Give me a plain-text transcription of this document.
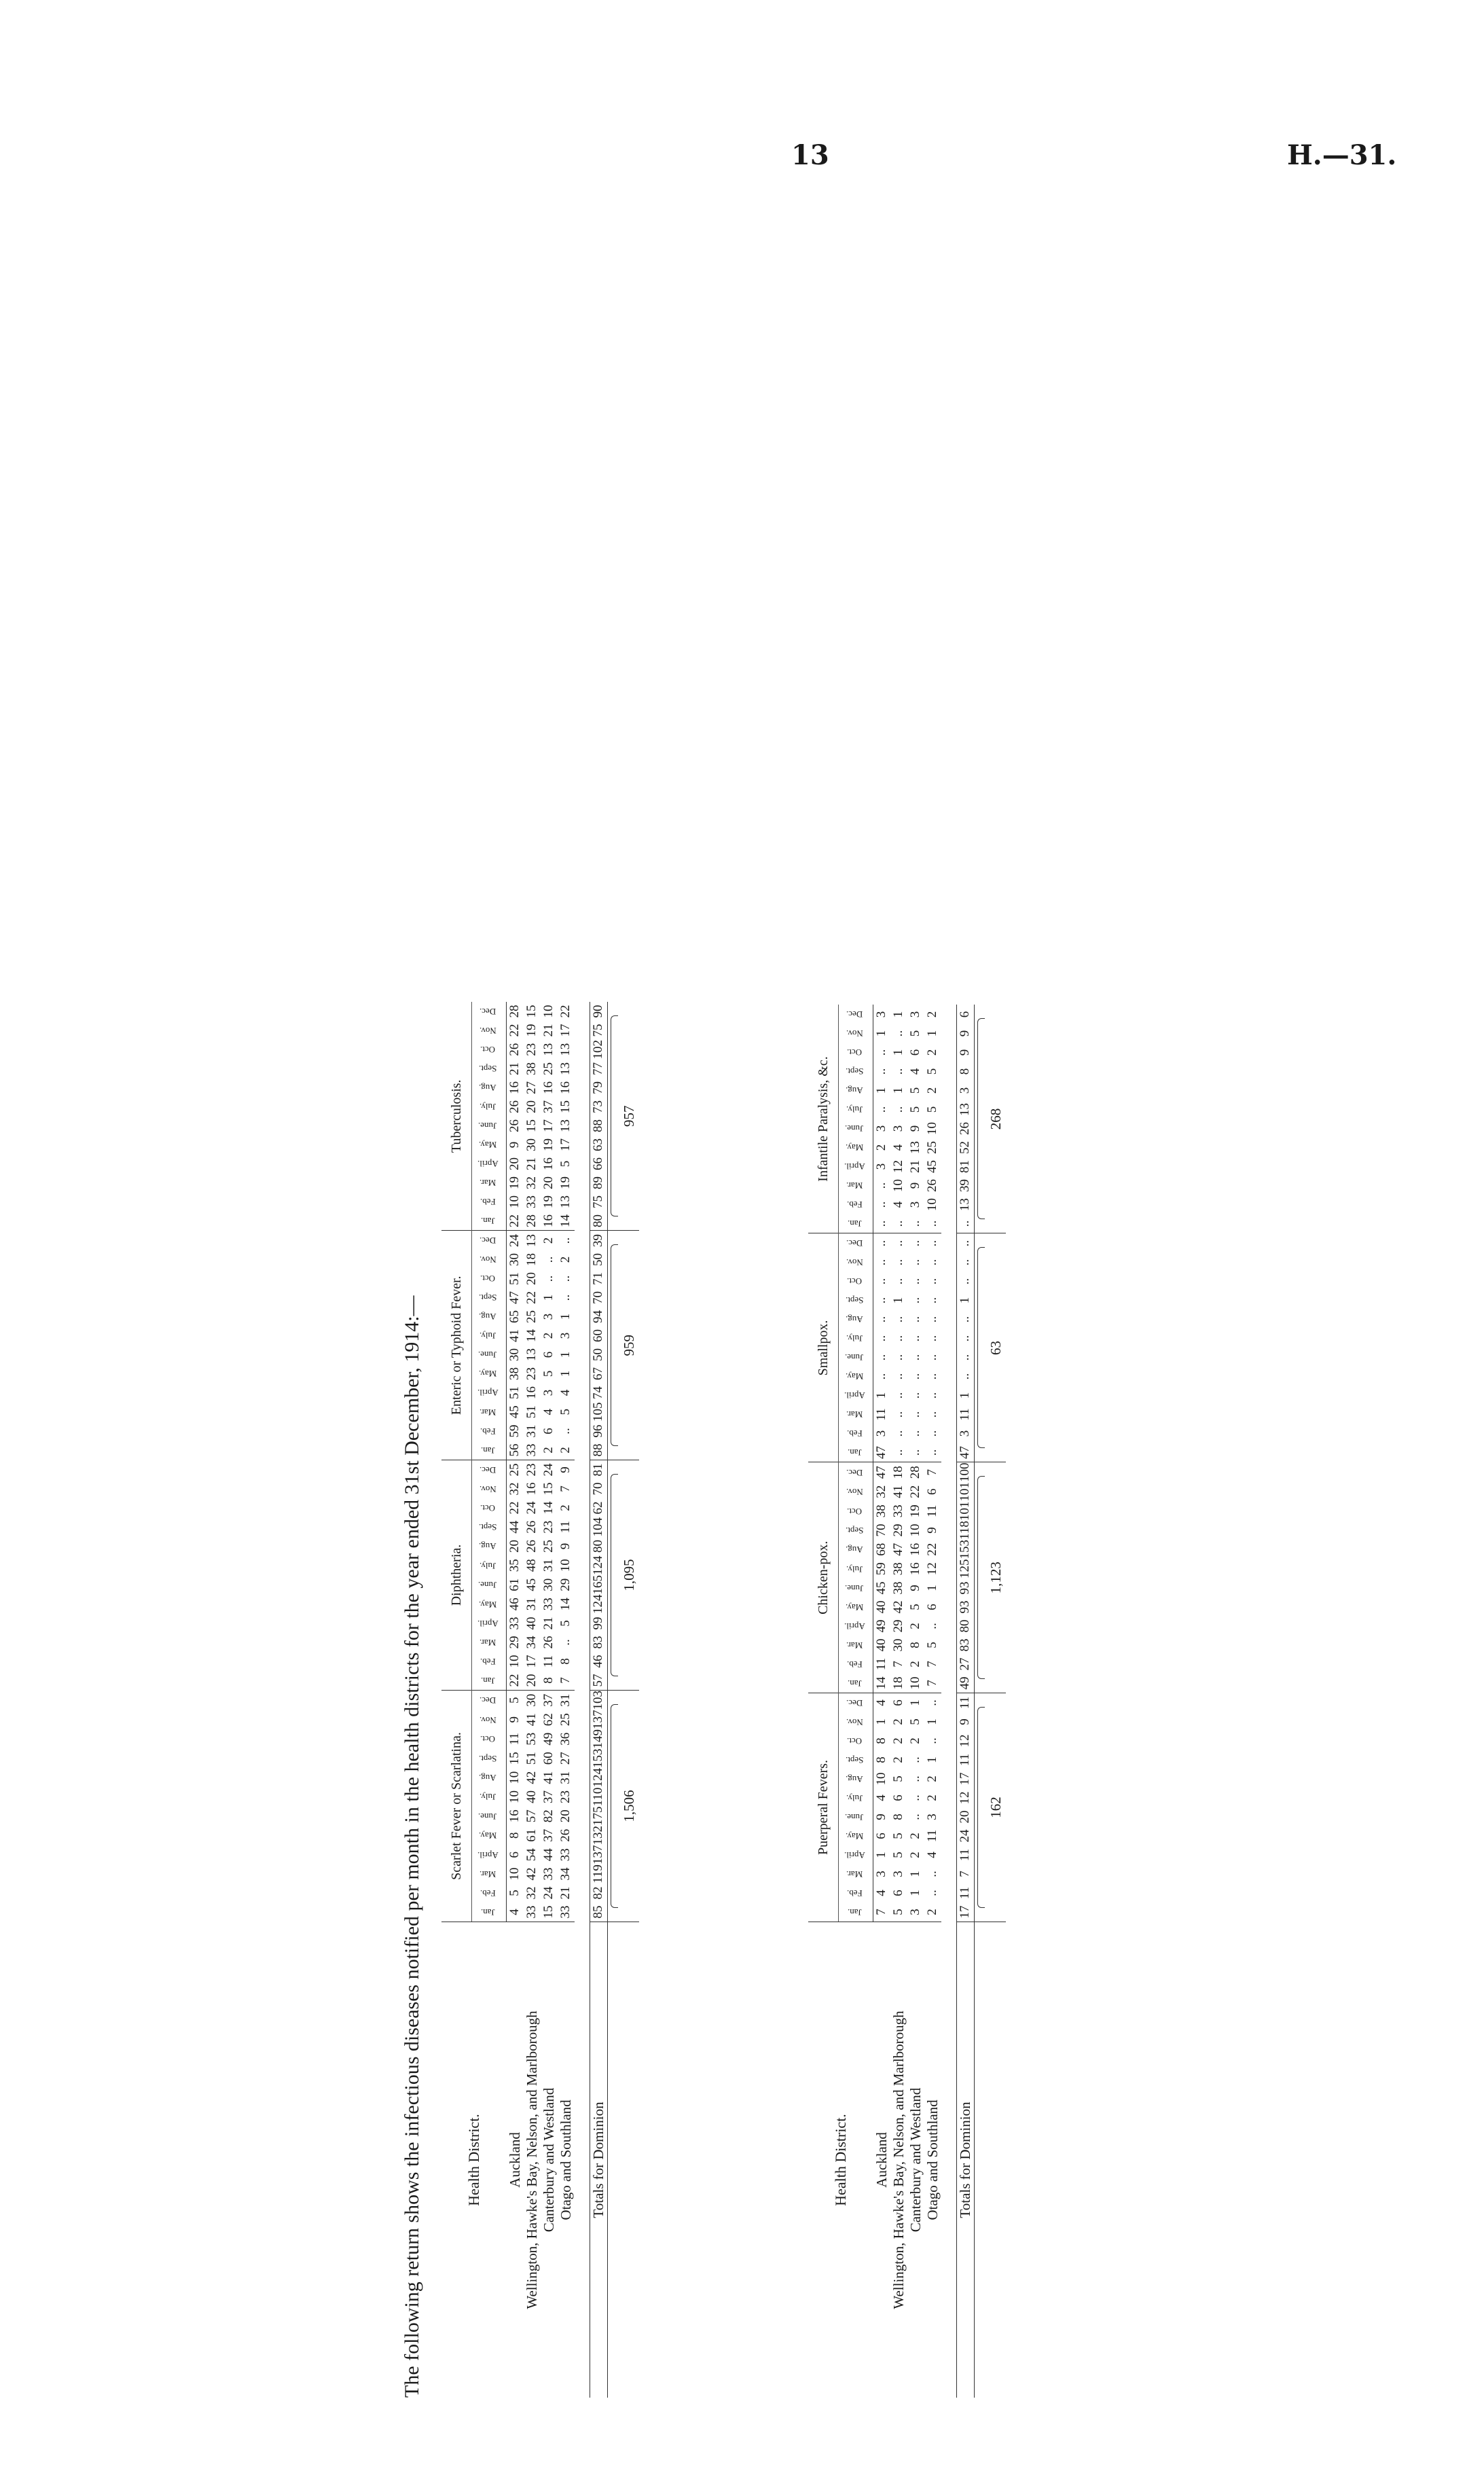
13	H.—31.
The following return shows the infectious diseases notified per month in the health districts for the year ended 31st December, 1914:—	Health District.	Scarlet Fever or Scarlatina.												Diphtheria.												Enteric or Typhoid Fever.												Tuberculosis.											
	Jan.	Feb.	Mar.	April.	May.	June.	July.	Aug.	Sept.	Oct.	Nov.	Dec.	Jan.	Feb.	Mar.	April.	May.	June.	July.	Aug.	Sept.	Oct.	Nov.	Dec.	Jan.	Feb.	Mar.	April.	May.	June.	July.	Aug.	Sept.	Oct.	Nov.	Dec.	Jan.	Feb.	Mar.	April.	May.	June.	July.	Aug.	Sept.	Oct.	Nov.	Dec.
Auckland	4	5	10	6	8	16	10	10	15	11	9	5	22	10	29	33	46	61	35	20	44	22	32	25	56	59	45	51	38	30	41	65	47	51	30	24	22	10	19	20	9	26	26	16	21	26	22	28
Wellington, Hawke's Bay, Nelson, and Marlborough	33	32	42	54	61	57	40	42	51	53	41	30	20	17	34	40	31	45	48	26	26	24	16	23	33	31	51	16	23	13	14	25	22	20	18	13	28	33	32	21	30	15	20	27	38	23	19	15
Canterbury and Westland	15	24	33	44	37	82	37	41	60	49	62	37	8	11	26	21	33	30	31	25	23	14	15	24	2	6	4	3	5	6	2	3	1	..	..	2	16	19	20	16	19	17	37	16	25	13	21	10
Otago and Southland	33	21	34	33	26	20	23	31	27	36	25	31	7	8	..	5	14	29	10	9	11	2	7	9	2	..	5	4	1	1	3	1	..	..	2	..	14	13	19	5	17	13	15	16	13	13	17	22

Totals for Dominion	85	82	119	137	132	175	110	124	153	149	137	103	57	46	83	99	124	165	124	80	104	62	70	81	88	96	105	74	67	50	60	94	70	71	50	39	80	75	89	66	63	88	73	79	77	102	75	90

	1,506												1,095												959												957											
Health District.	Puerperal Fevers.												Chicken-pox.												Smallpox.												Infantile Paralysis, &c.											
	Jan.	Feb.	Mar.	April.	May.	June.	July.	Aug.	Sept.	Oct.	Nov.	Dec.	Jan.	Feb.	Mar.	April.	May.	June.	July.	Aug.	Sept.	Oct.	Nov.	Dec.	Jan.	Feb.	Mar.	April.	May.	June.	July.	Aug.	Sept.	Oct.	Nov.	Dec.	Jan.	Feb.	Mar.	April.	May.	June.	July.	Aug.	Sept.	Oct.	Nov.	Dec.
Auckland	7	4	3	1	6	9	4	10	8	8	1	4	14	11	40	49	40	45	59	68	70	38	32	47	47	3	11	1	..	..	..	..	..	..	..	..	..	..	..	3	2	3	..	1	..	..	1	3
Wellington, Hawke's Bay, Nelson, and Marlborough	5	6	3	5	5	8	6	5	2	2	2	6	18	7	30	29	42	38	38	47	29	33	41	18	..	..	..	..	..	..	..	..	1	..	..	..	..	4	10	12	4	3	..	1	..	1	..	1
Canterbury and Westland	3	1	1	2	2	..	..	..	..	2	5	1	10	2	8	2	5	9	16	16	10	19	22	28	..	..	..	..	..	..	..	..	..	..	..	..	..	3	9	21	13	9	5	5	4	6	5	3
Otago and Southland	2	..	..	4	11	3	2	2	1	..	1	..	7	7	5	..	6	1	12	22	9	11	6	7	..	..	..	..	..	..	..	..	..	..	..	..	..	10	26	45	25	10	5	2	5	2	1	2

Totals for Dominion	17	11	7	11	24	20	12	17	11	12	9	11	49	27	83	80	93	93	125	153	118	101	101	100	47	3	11	1	..	..	..	..	1	..	..	..	..	13	39	81	52	26	13	3	8	9	9	6

	162												1,123												63												268											
